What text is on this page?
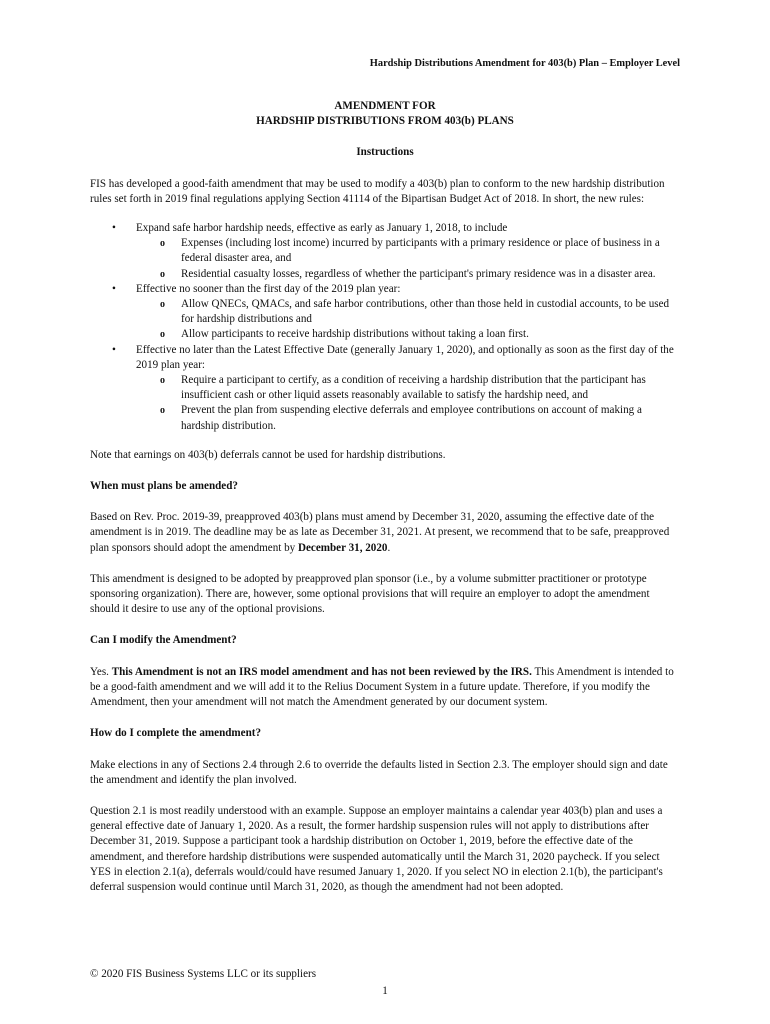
Hardship Distributions Amendment for 403(b) Plan – Employer Level

AMENDMENT FOR

HARDSHIP DISTRIBUTIONS FROM 403(b) PLANS

Instructions

FIS has developed a good-faith amendment that may be used to modify a 403(b) plan to conform to the new hardship distribution rules set forth in 2019 final regulations applying Section 41114 of the Bipartisan Budget Act of 2018. In short, the new rules:

• Expand safe harbor hardship needs, effective as early as January 1, 2018, to include
o Expenses (including lost income) incurred by participants with a primary residence or place of business in a federal disaster area, and
o Residential casualty losses, regardless of whether the participant's primary residence was in a disaster area.
• Effective no sooner than the first day of the 2019 plan year:
o Allow QNECs, QMACs, and safe harbor contributions, other than those held in custodial accounts, to be used for hardship distributions and
o Allow participants to receive hardship distributions without taking a loan first.
• Effective no later than the Latest Effective Date (generally January 1, 2020), and optionally as soon as the first day of the 2019 plan year:
o Require a participant to certify, as a condition of receiving a hardship distribution that the participant has insufficient cash or other liquid assets reasonably available to satisfy the hardship need, and
o Prevent the plan from suspending elective deferrals and employee contributions on account of making a hardship distribution.

Note that earnings on 403(b) deferrals cannot be used for hardship distributions.

When must plans be amended?

Based on Rev. Proc. 2019-39, preapproved 403(b) plans must amend by December 31, 2020, assuming the effective date of the amendment is in 2019. The deadline may be as late as December 31, 2021. At present, we recommend that to be safe, preapproved plan sponsors should adopt the amendment by December 31, 2020.

This amendment is designed to be adopted by preapproved plan sponsor (i.e., by a volume submitter practitioner or prototype sponsoring organization). There are, however, some optional provisions that will require an employer to adopt the amendment should it desire to use any of the optional provisions.

Can I modify the Amendment?

Yes. This Amendment is not an IRS model amendment and has not been reviewed by the IRS. This Amendment is intended to be a good-faith amendment and we will add it to the Relius Document System in a future update. Therefore, if you modify the Amendment, then your amendment will not match the Amendment generated by our document system.

How do I complete the amendment?

Make elections in any of Sections 2.4 through 2.6 to override the defaults listed in Section 2.3. The employer should sign and date the amendment and identify the plan involved.

Question 2.1 is most readily understood with an example. Suppose an employer maintains a calendar year 403(b) plan and uses a general effective date of January 1, 2020. As a result, the former hardship suspension rules will not apply to distributions after December 31, 2019. Suppose a participant took a hardship distribution on October 1, 2019, before the effective date of the amendment, and therefore hardship distributions were suspended automatically until the March 31, 2020 paycheck. If you select YES in election 2.1(a), deferrals would/could have resumed January 1, 2020. If you select NO in election 2.1(b), the participant's deferral suspension would continue until March 31, 2020, as though the amendment had not been adopted.

© 2020 FIS Business Systems LLC or its suppliers
1
